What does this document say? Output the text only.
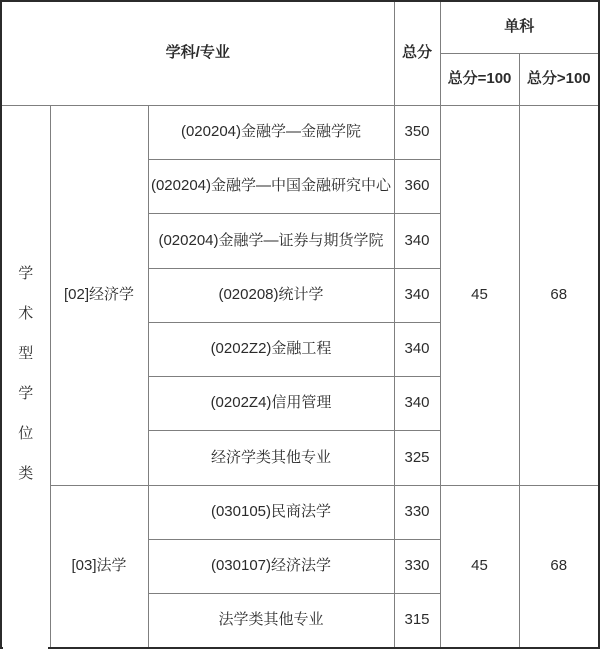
学科/专业			总分	单科	
				总分=100	总分>100

学术型学位类	[02]经济学	(020204)金融学—金融学院	350	45	68
		(020204)金融学—中国金融研究中心	360		
		(020204)金融学—证券与期货学院	340		
		(020208)统计学	340		
		(0202Z2)金融工程	340		
		(0202Z4)信用管理	340		
		经济学类其他专业	325		
	[03]法学	(030105)民商法学	330	45	68
		(030107)经济法学	330		
		法学类其他专业	315		
